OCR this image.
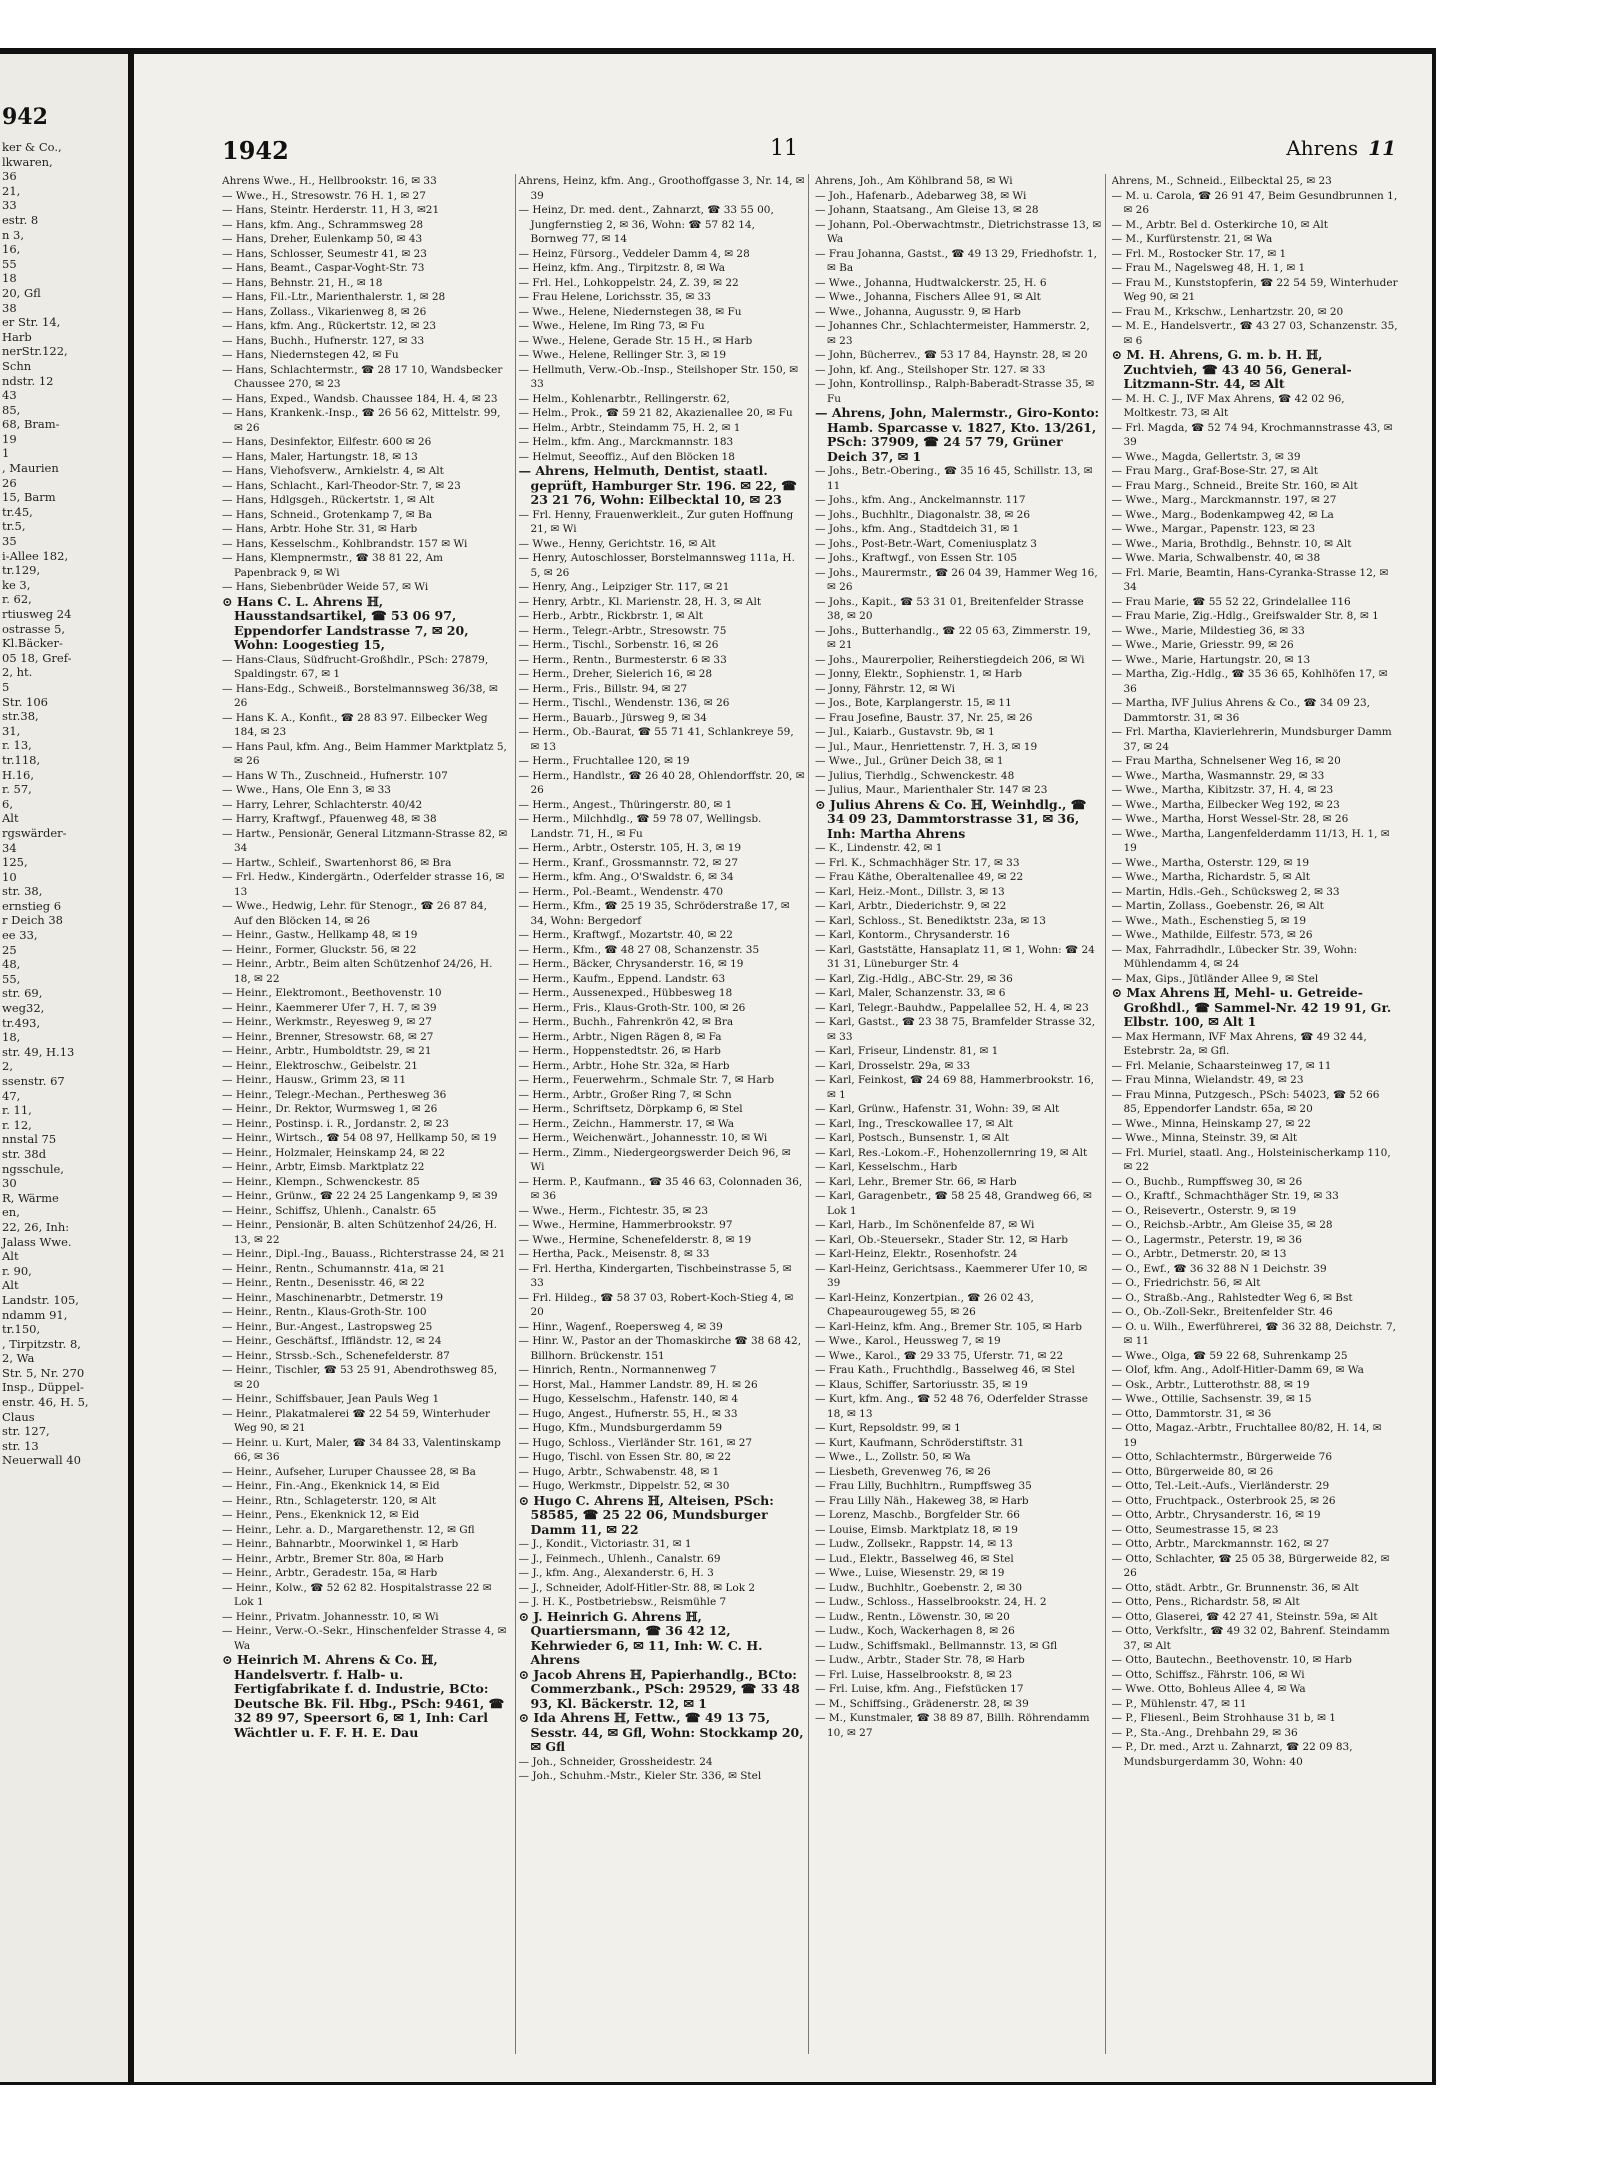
942
ker & Co.,
lkwaren,
36
21,
33
estr. 8
n 3,
16,
55
18
20, Gfl
38
er Str. 14,
Harb
nerStr.122,
Schn
ndstr. 12
43
85,
68, Bram-
19
1
, Maurien
26
15, Barm
tr.45,
tr.5,
35
i-Allee 182,
tr.129,
ke 3,
r. 62,
rtiusweg 24
ostrasse 5,
Kl.Bäcker-
05 18, Gref-
2, ht.
5
Str. 106
str.38,
31,
r. 13,
tr.118,
H.16,
r. 57,
6,
Alt
rgswärder-
34
125,
10
str. 38,
ernstieg 6
r Deich 38
ee 33,
25
48,
55,
str. 69,
weg32,
tr.493,
18,
str. 49, H.13
2,
ssenstr. 67
47,
r. 11,
r. 12,
nnstal 75
str. 38d
ngsschule,
30
R, Wärme
en,
22, 26, Inh:
Jalass Wwe.
Alt
r. 90,
Alt
Landstr. 105,
ndamm 91,
tr.150,
, Tirpitzstr. 8,
2, Wa
Str. 5, Nr. 270
Insp., Düppel-
enstr. 46, H. 5,
Claus
str. 127,
str. 13
Neuerwall 40
1942	11	Ahrens 11
Ahrens Wwe., H., Hellbrookstr. 16, ✉ 33
— Wwe., H., Stresowstr. 76 H. 1, ✉ 27
— Hans, Steintr. Herderstr. 11, H 3, ✉21
— Hans, kfm. Ang., Schrammsweg 28
— Hans, Dreher, Eulenkamp 50, ✉ 43
— Hans, Schlosser, Seumestr 41, ✉ 23
— Hans, Beamt., Caspar-Voght-Str. 73
— Hans, Behnstr. 21, H., ✉ 18
— Hans, Fil.-Ltr., Marienthalerstr. 1, ✉ 28
— Hans, Zollass., Vikarienweg 8, ✉ 26
— Hans, kfm. Ang., Rückertstr. 12, ✉ 23
— Hans, Buchh., Hufnerstr. 127, ✉ 33
— Hans, Niedernstegen 42, ✉ Fu
— Hans, Schlachtermstr., ☎ 28 17 10, Wandsbecker Chaussee 270, ✉ 23
— Hans, Exped., Wandsb. Chaussee 184, H. 4, ✉ 23
— Hans, Krankenk.-Insp., ☎ 26 56 62, Mittelstr. 99, ✉ 26
— Hans, Desinfektor, Eilfestr. 600 ✉ 26
— Hans, Maler, Hartungstr. 18, ✉ 13
— Hans, Viehofsverw., Arnkielstr. 4, ✉ Alt
— Hans, Schlacht., Karl-Theodor-Str. 7, ✉ 23
— Hans, Hdlgsgeh., Rückertstr. 1, ✉ Alt
— Hans, Schneid., Grotenkamp 7, ✉ Ba
— Hans, Arbtr. Hohe Str. 31, ✉ Harb
— Hans, Kesselschm., Kohlbrandstr. 157 ✉ Wi
— Hans, Klempnermstr., ☎ 38 81 22, Am Papenbrack 9, ✉ Wi
— Hans, Siebenbrüder Weide 57, ✉ Wi
⊙ Hans C. L. Ahrens ℍ, Hausstandsartikel, ☎ 53 06 97, Eppendorfer Landstrasse 7, ✉ 20, Wohn: Loogestieg 15,
— Hans-Claus, Südfrucht-Großhdlr., PSch: 27879, Spaldingstr. 67, ✉ 1
— Hans-Edg., Schweiß., Borstelmannsweg 36/38, ✉ 26
— Hans K. A., Konfit., ☎ 28 83 97. Eilbecker Weg 184, ✉ 23
— Hans Paul, kfm. Ang., Beim Hammer Marktplatz 5, ✉ 26
— Hans W Th., Zuschneid., Hufnerstr. 107
— Wwe., Hans, Ole Enn 3, ✉ 33
— Harry, Lehrer, Schlachterstr. 40/42
— Harry, Kraftwgf., Pfauenweg 48, ✉ 38
— Hartw., Pensionär, General Litzmann-Strasse 82, ✉ 34
— Hartw., Schleif., Swartenhorst 86, ✉ Bra
— Frl. Hedw., Kindergärtn., Oderfelder strasse 16, ✉ 13
— Wwe., Hedwig, Lehr. für Stenogr., ☎ 26 87 84, Auf den Blöcken 14, ✉ 26
— Heinr., Gastw., Hellkamp 48, ✉ 19
— Heinr., Former, Gluckstr. 56, ✉ 22
— Heinr., Arbtr., Beim alten Schützenhof 24/26, H. 18, ✉ 22
— Heinr., Elektromont., Beethovenstr. 10
— Heinr., Kaemmerer Ufer 7, H. 7, ✉ 39
— Heinr., Werkmstr., Reyesweg 9, ✉ 27
— Heinr., Brenner, Stresowstr. 68, ✉ 27
— Heinr., Arbtr., Humboldtstr. 29, ✉ 21
— Heinr., Elektroschw., Geibelstr. 21
— Heinr., Hausw., Grimm 23, ✉ 11
— Heinr., Telegr.-Mechan., Perthesweg 36
— Heinr., Dr. Rektor, Wurmsweg 1, ✉ 26
— Heinr., Postinsp. i. R., Jordanstr. 2, ✉ 23
— Heinr., Wirtsch., ☎ 54 08 97, Hellkamp 50, ✉ 19
— Heinr., Holzmaler, Heinskamp 24, ✉ 22
— Heinr., Arbtr, Eimsb. Marktplatz 22
— Heinr., Klempn., Schwenckestr. 85
— Heinr., Grünw., ☎ 22 24 25 Langenkamp 9, ✉ 39
— Heinr., Schiffsz, Uhlenh., Canalstr. 65
— Heinr., Pensionär, B. alten Schützenhof 24/26, H. 13, ✉ 22
— Heinr., Dipl.-Ing., Bauass., Richterstrasse 24, ✉ 21
— Heinr., Rentn., Schumannstr. 41a, ✉ 21
— Heinr., Rentn., Desenisstr. 46, ✉ 22
— Heinr., Maschinenarbtr., Detmerstr. 19
— Heinr., Rentn., Klaus-Groth-Str. 100
— Heinr., Bur.-Angest., Lastropsweg 25
— Heinr., Geschäftsf., Iffländstr. 12, ✉ 24
— Heinr., Strssb.-Sch., Schenefelderstr. 87
— Heinr., Tischler, ☎ 53 25 91, Abendrothsweg 85, ✉ 20
— Heinr., Schiffsbauer, Jean Pauls Weg 1
— Heinr., Plakatmalerei ☎ 22 54 59, Winterhuder Weg 90, ✉ 21
— Heinr. u. Kurt, Maler, ☎ 34 84 33, Valentinskamp 66, ✉ 36
— Heinr., Aufseher, Luruper Chaussee 28, ✉ Ba
— Heinr., Fin.-Ang., Ekenknick 14, ✉ Eid
— Heinr., Rtn., Schlageterstr. 120, ✉ Alt
— Heinr., Pens., Ekenknick 12, ✉ Eid
— Heinr., Lehr. a. D., Margarethenstr. 12, ✉ Gfl
— Heinr., Bahnarbtr., Moorwinkel 1, ✉ Harb
— Heinr., Arbtr., Bremer Str. 80a, ✉ Harb
— Heinr., Arbtr., Geradestr. 15a, ✉ Harb
— Heinr., Kolw., ☎ 52 62 82. Hospitalstrasse 22 ✉ Lok 1
— Heinr., Privatm. Johannesstr. 10, ✉ Wi
— Heinr., Verw.-O.-Sekr., Hinschenfelder Strasse 4, ✉ Wa
⊙ Heinrich M. Ahrens & Co. ℍ, Handelsvertr. f. Halb- u. Fertigfabrikate f. d. Industrie, BCto: Deutsche Bk. Fil. Hbg., PSch: 9461, ☎ 32 89 97, Speersort 6, ✉ 1, Inh: Carl Wächtler u. F. F. H. E. Dau
Ahrens, Heinz, kfm. Ang., Groothoffgasse 3, Nr. 14, ✉ 39
— Heinz, Dr. med. dent., Zahnarzt, ☎ 33 55 00, Jungfernstieg 2, ✉ 36, Wohn: ☎ 57 82 14, Bornweg 77, ✉ 14
— Heinz, Fürsorg., Veddeler Damm 4, ✉ 28
— Heinz, kfm. Ang., Tirpitzstr. 8, ✉ Wa
— Frl. Hel., Lohkoppelstr. 24, Z. 39, ✉ 22
— Frau Helene, Lorichsstr. 35, ✉ 33
— Wwe., Helene, Niedernstegen 38, ✉ Fu
— Wwe., Helene, Im Ring 73, ✉ Fu
— Wwe., Helene, Gerade Str. 15 H., ✉ Harb
— Wwe., Helene, Rellinger Str. 3, ✉ 19
— Hellmuth, Verw.-Ob.-Insp., Steilshoper Str. 150, ✉ 33
— Helm., Kohlenarbtr., Rellingerstr. 62,
— Helm., Prok., ☎ 59 21 82, Akazienallee 20, ✉ Fu
— Helm., Arbtr., Steindamm 75, H. 2, ✉ 1
— Helm., kfm. Ang., Marckmannstr. 183
— Helmut, Seeoffiz., Auf den Blöcken 18
— Ahrens, Helmuth, Dentist, staatl. geprüft, Hamburger Str. 196. ✉ 22, ☎ 23 21 76, Wohn: Eilbecktal 10, ✉ 23
— Frl. Henny, Frauenwerkleit., Zur guten Hoffnung 21, ✉ Wi
— Wwe., Henny, Gerichtstr. 16, ✉ Alt
— Henry, Autoschlosser, Borstelmannsweg 111a, H. 5, ✉ 26
— Henry, Ang., Leipziger Str. 117, ✉ 21
— Henry, Arbtr., Kl. Marienstr. 28, H. 3, ✉ Alt
— Herb., Arbtr., Rickbrstr. 1, ✉ Alt
— Herm., Telegr.-Arbtr., Stresowstr. 75
— Herm., Tischl., Sorbenstr. 16, ✉ 26
— Herm., Rentn., Burmesterstr. 6 ✉ 33
— Herm., Dreher, Sielerich 16, ✉ 28
— Herm., Fris., Billstr. 94, ✉ 27
— Herm., Tischl., Wendenstr. 136, ✉ 26
— Herm., Bauarb., Jürsweg 9, ✉ 34
— Herm., Ob.-Baurat, ☎ 55 71 41, Schlankreye 59, ✉ 13
— Herm., Fruchtallee 120, ✉ 19
— Herm., Handlstr., ☎ 26 40 28, Ohlendorffstr. 20, ✉ 26
— Herm., Angest., Thüringerstr. 80, ✉ 1
— Herm., Milchhdlg., ☎ 59 78 07, Wellingsb. Landstr. 71, H., ✉ Fu
— Herm., Arbtr., Osterstr. 105, H. 3, ✉ 19
— Herm., Kranf., Grossmannstr. 72, ✉ 27
— Herm., kfm. Ang., O'Swaldstr. 6, ✉ 34
— Herm., Pol.-Beamt., Wendenstr. 470
— Herm., Kfm., ☎ 25 19 35, Schröderstraße 17, ✉ 34, Wohn: Bergedorf
— Herm., Kraftwgf., Mozartstr. 40, ✉ 22
— Herm., Kfm., ☎ 48 27 08, Schanzenstr. 35
— Herm., Bäcker, Chrysanderstr. 16, ✉ 19
— Herm., Kaufm., Eppend. Landstr. 63
— Herm., Aussenexped., Hübbesweg 18
— Herm., Fris., Klaus-Groth-Str. 100, ✉ 26
— Herm., Buchh., Fahrenkrön 42, ✉ Bra
— Herm., Arbtr., Nigen Rägen 8, ✉ Fa
— Herm., Hoppenstedtstr. 26, ✉ Harb
— Herm., Arbtr., Hohe Str. 32a, ✉ Harb
— Herm., Feuerwehrm., Schmale Str. 7, ✉ Harb
— Herm., Arbtr., Großer Ring 7, ✉ Schn
— Herm., Schriftsetz, Dörpkamp 6, ✉ Stel
— Herm., Zeichn., Hammerstr. 17, ✉ Wa
— Herm., Weichenwärt., Johannesstr. 10, ✉ Wi
— Herm., Zimm., Niedergeorgswerder Deich 96, ✉ Wi
— Herm. P., Kaufmann., ☎ 35 46 63, Colonnaden 36, ✉ 36
— Wwe., Herm., Fichtestr. 35, ✉ 23
— Wwe., Hermine, Hammerbrookstr. 97
— Wwe., Hermine, Schenefelderstr. 8, ✉ 19
— Hertha, Pack., Meisenstr. 8, ✉ 33
— Frl. Hertha, Kindergarten, Tischbeinstrasse 5, ✉ 33
— Frl. Hildeg., ☎ 58 37 03, Robert-Koch-Stieg 4, ✉ 20
— Hinr., Wagenf., Roepersweg 4, ✉ 39
— Hinr. W., Pastor an der Thomaskirche ☎ 38 68 42, Billhorn. Brückenstr. 151
— Hinrich, Rentn., Normannenweg 7
— Horst, Mal., Hammer Landstr. 89, H. ✉ 26
— Hugo, Kesselschm., Hafenstr. 140, ✉ 4
— Hugo, Angest., Hufnerstr. 55, H., ✉ 33
— Hugo, Kfm., Mundsburgerdamm 59
— Hugo, Schloss., Vierländer Str. 161, ✉ 27
— Hugo, Tischl. von Essen Str. 80, ✉ 22
— Hugo, Arbtr., Schwabenstr. 48, ✉ 1
— Hugo, Werkmstr., Dippelstr. 52, ✉ 30
⊙ Hugo C. Ahrens ℍ, Alteisen, PSch: 58585, ☎ 25 22 06, Mundsburger Damm 11, ✉ 22
— J., Kondit., Victoriastr. 31, ✉ 1
— J., Feinmech., Uhlenh., Canalstr. 69
— J., kfm. Ang., Alexanderstr. 6, H. 3
— J., Schneider, Adolf-Hitler-Str. 88, ✉ Lok 2
— J. H. K., Postbetriebsw., Reismühle 7
⊙ J. Heinrich G. Ahrens ℍ, Quartiersmann, ☎ 36 42 12, Kehrwieder 6, ✉ 11, Inh: W. C. H. Ahrens
⊙ Jacob Ahrens ℍ, Papierhandlg., BCto: Commerzbank., PSch: 29529, ☎ 33 48 93, Kl. Bäckerstr. 12, ✉ 1
⊙ Ida Ahrens ℍ, Fettw., ☎ 49 13 75, Sesstr. 44, ✉ Gfl, Wohn: Stockkamp 20, ✉ Gfl
— Joh., Schneider, Grossheidestr. 24
— Joh., Schuhm.-Mstr., Kieler Str. 336, ✉ Stel
Ahrens, Joh., Am Köhlbrand 58, ✉ Wi
— Joh., Hafenarb., Adebarweg 38, ✉ Wi
— Johann, Staatsang., Am Gleise 13, ✉ 28
— Johann, Pol.-Oberwachtmstr., Dietrichstrasse 13, ✉ Wa
— Frau Johanna, Gastst., ☎ 49 13 29, Friedhofstr. 1, ✉ Ba
— Wwe., Johanna, Hudtwalckerstr. 25, H. 6
— Wwe., Johanna, Fischers Allee 91, ✉ Alt
— Wwe., Johanna, Augusstr. 9, ✉ Harb
— Johannes Chr., Schlachtermeister, Hammerstr. 2, ✉ 23
— John, Bücherrev., ☎ 53 17 84, Haynstr. 28, ✉ 20
— John, kf. Ang., Steilshoper Str. 127. ✉ 33
— John, Kontrollinsp., Ralph-Baberadt-Strasse 35, ✉ Fu
— Ahrens, John, Malermstr., Giro-Konto: Hamb. Sparcasse v. 1827, Kto. 13/261, PSch: 37909, ☎ 24 57 79, Grüner Deich 37, ✉ 1
— Johs., Betr.-Obering., ☎ 35 16 45, Schillstr. 13, ✉ 11
— Johs., kfm. Ang., Anckelmannstr. 117
— Johs., Buchhltr., Diagonalstr. 38, ✉ 26
— Johs., kfm. Ang., Stadtdeich 31, ✉ 1
— Johs., Post-Betr.-Wart, Comeniusplatz 3
— Johs., Kraftwgf., von Essen Str. 105
— Johs., Maurermstr., ☎ 26 04 39, Hammer Weg 16, ✉ 26
— Johs., Kapit., ☎ 53 31 01, Breitenfelder Strasse 38, ✉ 20
— Johs., Butterhandlg., ☎ 22 05 63, Zimmerstr. 19, ✉ 21
— Johs., Maurerpolier, Reiherstiegdeich 206, ✉ Wi
— Jonny, Elektr., Sophienstr. 1, ✉ Harb
— Jonny, Fährstr. 12, ✉ Wi
— Jos., Bote, Karplangerstr. 15, ✉ 11
— Frau Josefine, Baustr. 37, Nr. 25, ✉ 26
— Jul., Kaiarb., Gustavstr. 9b, ✉ 1
— Jul., Maur., Henriettenstr. 7, H. 3, ✉ 19
— Wwe., Jul., Grüner Deich 38, ✉ 1
— Julius, Tierhdlg., Schwenckestr. 48
— Julius, Maur., Marienthaler Str. 147 ✉ 23
⊙ Julius Ahrens & Co. ℍ, Weinhdlg., ☎ 34 09 23, Dammtorstrasse 31, ✉ 36, Inh: Martha Ahrens
— K., Lindenstr. 42, ✉ 1
— Frl. K., Schmachhäger Str. 17, ✉ 33
— Frau Käthe, Oberaltenallee 49, ✉ 22
— Karl, Heiz.-Mont., Dillstr. 3, ✉ 13
— Karl, Arbtr., Diederichstr. 9, ✉ 22
— Karl, Schloss., St. Benediktstr. 23a, ✉ 13
— Karl, Kontorm., Chrysanderstr. 16
— Karl, Gaststätte, Hansaplatz 11, ✉ 1, Wohn: ☎ 24 31 31, Lüneburger Str. 4
— Karl, Zig.-Hdlg., ABC-Str. 29, ✉ 36
— Karl, Maler, Schanzenstr. 33, ✉ 6
— Karl, Telegr.-Bauhdw., Pappelallee 52, H. 4, ✉ 23
— Karl, Gastst., ☎ 23 38 75, Bramfelder Strasse 32, ✉ 33
— Karl, Friseur, Lindenstr. 81, ✉ 1
— Karl, Drosselstr. 29a, ✉ 33
— Karl, Feinkost, ☎ 24 69 88, Hammerbrookstr. 16, ✉ 1
— Karl, Grünw., Hafenstr. 31, Wohn: 39, ✉ Alt
— Karl, Ing., Tresckowallee 17, ✉ Alt
— Karl, Postsch., Bunsenstr. 1, ✉ Alt
— Karl, Res.-Lokom.-F., Hohenzollernring 19, ✉ Alt
— Karl, Kesselschm., Harb
— Karl, Lehr., Bremer Str. 66, ✉ Harb
— Karl, Garagenbetr., ☎ 58 25 48, Grandweg 66, ✉ Lok 1
— Karl, Harb., Im Schönenfelde 87, ✉ Wi
— Karl, Ob.-Steuersekr., Stader Str. 12, ✉ Harb
— Karl-Heinz, Elektr., Rosenhofstr. 24
— Karl-Heinz, Gerichtsass., Kaemmerer Ufer 10, ✉ 39
— Karl-Heinz, Konzertpian., ☎ 26 02 43, Chapeaurougeweg 55, ✉ 26
— Karl-Heinz, kfm. Ang., Bremer Str. 105, ✉ Harb
— Wwe., Karol., Heussweg 7, ✉ 19
— Wwe., Karol., ☎ 29 33 75, Uferstr. 71, ✉ 22
— Frau Kath., Fruchthdlg., Basselweg 46, ✉ Stel
— Klaus, Schiffer, Sartoriusstr. 35, ✉ 19
— Kurt, kfm. Ang., ☎ 52 48 76, Oderfelder Strasse 18, ✉ 13
— Kurt, Repsoldstr. 99, ✉ 1
— Kurt, Kaufmann, Schröderstiftstr. 31
— Wwe., L., Zollstr. 50, ✉ Wa
— Liesbeth, Grevenweg 76, ✉ 26
— Frau Lilly, Buchhltrn., Rumpffsweg 35
— Frau Lilly Näh., Hakeweg 38, ✉ Harb
— Lorenz, Maschb., Borgfelder Str. 66
— Louise, Eimsb. Marktplatz 18, ✉ 19
— Ludw., Zollsekr., Rappstr. 14, ✉ 13
— Lud., Elektr., Basselweg 46, ✉ Stel
— Wwe., Luise, Wiesenstr. 29, ✉ 19
— Ludw., Buchhltr., Goebenstr. 2, ✉ 30
— Ludw., Schloss., Hasselbrookstr. 24, H. 2
— Ludw., Rentn., Löwenstr. 30, ✉ 20
— Ludw., Koch, Wackerhagen 8, ✉ 26
— Ludw., Schiffsmakl., Bellmannstr. 13, ✉ Gfl
— Ludw., Arbtr., Stader Str. 78, ✉ Harb
— Frl. Luise, Hasselbrookstr. 8, ✉ 23
— Frl. Luise, kfm. Ang., Fiefstücken 17
— M., Schiffsing., Grädenerstr. 28, ✉ 39
— M., Kunstmaler, ☎ 38 89 87, Billh. Röhrendamm 10, ✉ 27
Ahrens, M., Schneid., Eilbecktal 25, ✉ 23
— M. u. Carola, ☎ 26 91 47, Beim Gesundbrunnen 1, ✉ 26
— M., Arbtr. Bel d. Osterkirche 10, ✉ Alt
— M., Kurfürstenstr. 21, ✉ Wa
— Frl. M., Rostocker Str. 17, ✉ 1
— Frau M., Nagelsweg 48, H. 1, ✉ 1
— Frau M., Kunststopferin, ☎ 22 54 59, Winterhuder Weg 90, ✉ 21
— Frau M., Krkschw., Lenhartzstr. 20, ✉ 20
— M. E., Handelsvertr., ☎ 43 27 03, Schanzenstr. 35, ✉ 6
⊙ M. H. Ahrens, G. m. b. H. ℍ, Zuchtvieh, ☎ 43 40 56, General-Litzmann-Str. 44, ✉ Alt
— M. H. C. J., ⅣF Max Ahrens, ☎ 42 02 96, Moltkestr. 73, ✉ Alt
— Frl. Magda, ☎ 52 74 94, Krochmannstrasse 43, ✉ 39
— Wwe., Magda, Gellertstr. 3, ✉ 39
— Frau Marg., Graf-Bose-Str. 27, ✉ Alt
— Frau Marg., Schneid., Breite Str. 160, ✉ Alt
— Wwe., Marg., Marckmannstr. 197, ✉ 27
— Wwe., Marg., Bodenkampweg 42, ✉ La
— Wwe., Margar., Papenstr. 123, ✉ 23
— Wwe., Maria, Brothdlg., Behnstr. 10, ✉ Alt
— Wwe. Maria, Schwalbenstr. 40, ✉ 38
— Frl. Marie, Beamtin, Hans-Cyranka-Strasse 12, ✉ 34
— Frau Marie, ☎ 55 52 22, Grindelallee 116
— Frau Marie, Zig.-Hdlg., Greifswalder Str. 8, ✉ 1
— Wwe., Marie, Mildestieg 36, ✉ 33
— Wwe., Marie, Griesstr. 99, ✉ 26
— Wwe., Marie, Hartungstr. 20, ✉ 13
— Martha, Zig.-Hdlg., ☎ 35 36 65, Kohlhöfen 17, ✉ 36
— Martha, ⅣF Julius Ahrens & Co., ☎ 34 09 23, Dammtorstr. 31, ✉ 36
— Frl. Martha, Klavierlehrerin, Mundsburger Damm 37, ✉ 24
— Frau Martha, Schnelsener Weg 16, ✉ 20
— Wwe., Martha, Wasmannstr. 29, ✉ 33
— Wwe., Martha, Kibitzstr. 37, H. 4, ✉ 23
— Wwe., Martha, Eilbecker Weg 192, ✉ 23
— Wwe., Martha, Horst Wessel-Str. 28, ✉ 26
— Wwe., Martha, Langenfelderdamm 11/13, H. 1, ✉ 19
— Wwe., Martha, Osterstr. 129, ✉ 19
— Wwe., Martha, Richardstr. 5, ✉ Alt
— Martin, Hdls.-Geh., Schücksweg 2, ✉ 33
— Martin, Zollass., Goebenstr. 26, ✉ Alt
— Wwe., Math., Eschenstieg 5, ✉ 19
— Wwe., Mathilde, Eilfestr. 573, ✉ 26
— Max, Fahrradhdlr., Lübecker Str. 39, Wohn: Mühlendamm 4, ✉ 24
— Max, Gips., Jütländer Allee 9, ✉ Stel
⊙ Max Ahrens ℍ, Mehl- u. Getreide-Großhdl., ☎ Sammel-Nr. 42 19 91, Gr. Elbstr. 100, ✉ Alt 1
— Max Hermann, ⅣF Max Ahrens, ☎ 49 32 44, Estebrstr. 2a, ✉ Gfl.
— Frl. Melanie, Schaarsteinweg 17, ✉ 11
— Frau Minna, Wielandstr. 49, ✉ 23
— Frau Minna, Putzgesch., PSch: 54023, ☎ 52 66 85, Eppendorfer Landstr. 65a, ✉ 20
— Wwe., Minna, Heinskamp 27, ✉ 22
— Wwe., Minna, Steinstr. 39, ✉ Alt
— Frl. Muriel, staatl. Ang., Holsteinischerkamp 110, ✉ 22
— O., Buchb., Rumpffsweg 30, ✉ 26
— O., Kraftf., Schmachthäger Str. 19, ✉ 33
— O., Reisevertr., Osterstr. 9, ✉ 19
— O., Reichsb.-Arbtr., Am Gleise 35, ✉ 28
— O., Lagermstr., Peterstr. 19, ✉ 36
— O., Arbtr., Detmerstr. 20, ✉ 13
— O., Ewf., ☎ 36 32 88 N 1 Deichstr. 39
— O., Friedrichstr. 56, ✉ Alt
— O., Straßb.-Ang., Rahlstedter Weg 6, ✉ Bst
— O., Ob.-Zoll-Sekr., Breitenfelder Str. 46
— O. u. Wilh., Ewerführerei, ☎ 36 32 88, Deichstr. 7, ✉ 11
— Wwe., Olga, ☎ 59 22 68, Suhrenkamp 25
— Olof, kfm. Ang., Adolf-Hitler-Damm 69, ✉ Wa
— Osk., Arbtr., Lutterothstr. 88, ✉ 19
— Wwe., Ottilie, Sachsenstr. 39, ✉ 15
— Otto, Dammtorstr. 31, ✉ 36
— Otto, Magaz.-Arbtr., Fruchtallee 80/82, H. 14, ✉ 19
— Otto, Schlachtermstr., Bürgerweide 76
— Otto, Bürgerweide 80, ✉ 26
— Otto, Tel.-Leit.-Aufs., Vierländerstr. 29
— Otto, Fruchtpack., Osterbrook 25, ✉ 26
— Otto, Arbtr., Chrysanderstr. 16, ✉ 19
— Otto, Seumestrasse 15, ✉ 23
— Otto, Arbtr., Marckmannstr. 162, ✉ 27
— Otto, Schlachter, ☎ 25 05 38, Bürgerweide 82, ✉ 26
— Otto, städt. Arbtr., Gr. Brunnenstr. 36, ✉ Alt
— Otto, Pens., Richardstr. 58, ✉ Alt
— Otto, Glaserei, ☎ 42 27 41, Steinstr. 59a, ✉ Alt
— Otto, Verkfsltr., ☎ 49 32 02, Bahrenf. Steindamm 37, ✉ Alt
— Otto, Bautechn., Beethovenstr. 10, ✉ Harb
— Otto, Schiffsz., Fährstr. 106, ✉ Wi
— Wwe. Otto, Bohleus Allee 4, ✉ Wa
— P., Mühlenstr. 47, ✉ 11
— P., Fliesenl., Beim Strohhause 31 b, ✉ 1
— P., Sta.-Ang., Drehbahn 29, ✉ 36
— P., Dr. med., Arzt u. Zahnarzt, ☎ 22 09 83, Mundsburgerdamm 30, Wohn: 40
